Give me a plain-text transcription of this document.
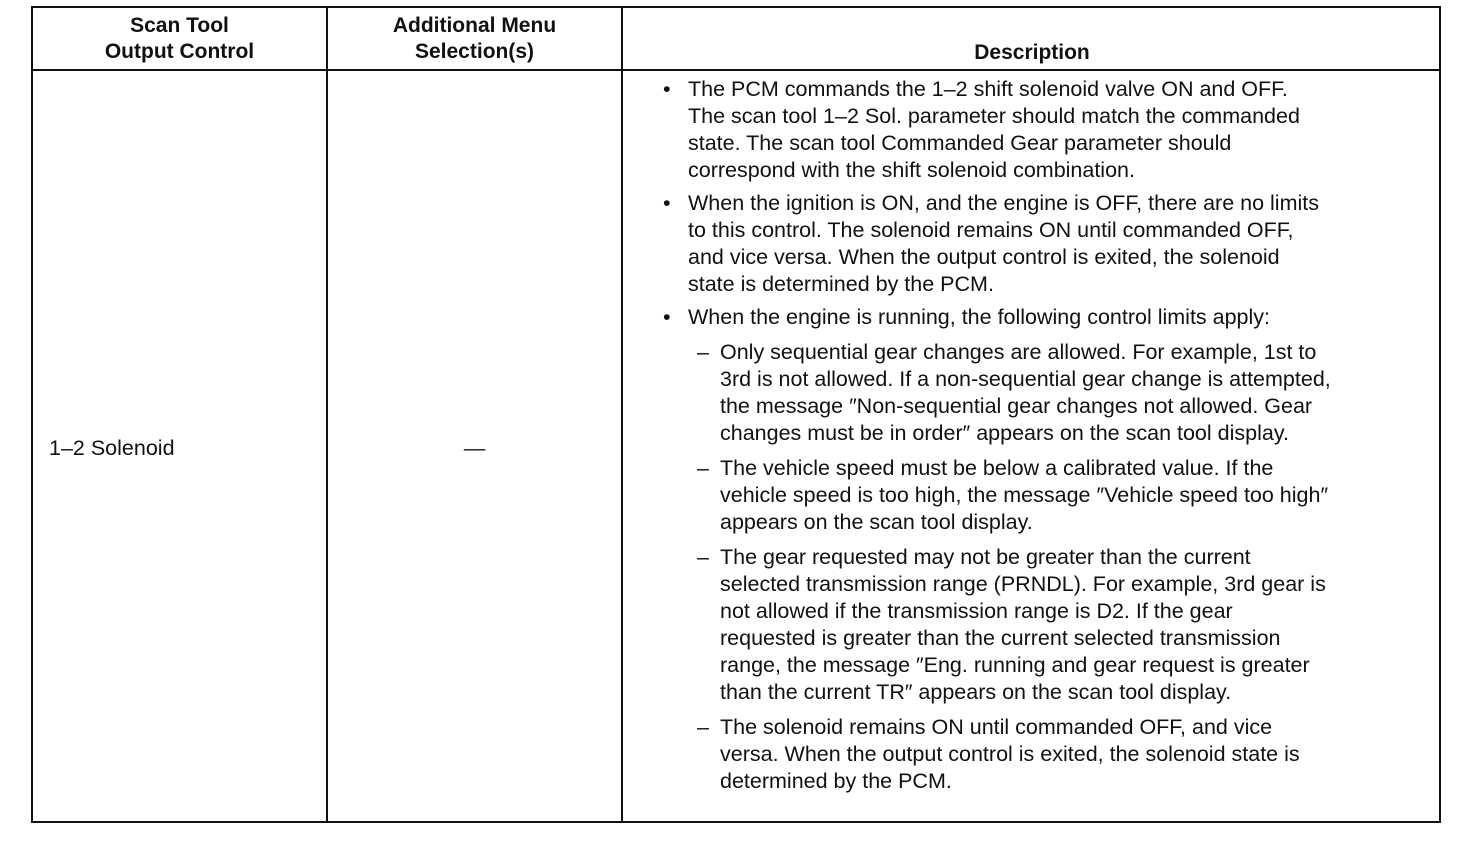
Scan Tool
Output Control
Additional Menu
Selection(s)	Description
1–2 Solenoid	—
• The PCM commands the 1–2 shift solenoid valve ON and OFF.
The scan tool 1–2 Sol. parameter should match the commanded
state. The scan tool Commanded Gear parameter should
correspond with the shift solenoid combination.
• When the ignition is ON, and the engine is OFF, there are no limits
to this control. The solenoid remains ON until commanded OFF,
and vice versa. When the output control is exited, the solenoid
state is determined by the PCM.
• When the engine is running, the following control limits apply:
– Only sequential gear changes are allowed. For example, 1st to
3rd is not allowed. If a non-sequential gear change is attempted,
the message ″Non-sequential gear changes not allowed. Gear
changes must be in order″ appears on the scan tool display.
– The vehicle speed must be below a calibrated value. If the
vehicle speed is too high, the message ″Vehicle speed too high″
appears on the scan tool display.
– The gear requested may not be greater than the current
selected transmission range (PRNDL). For example, 3rd gear is
not allowed if the transmission range is D2. If the gear
requested is greater than the current selected transmission
range, the message ″Eng. running and gear request is greater
than the current TR″ appears on the scan tool display.
– The solenoid remains ON until commanded OFF, and vice
versa. When the output control is exited, the solenoid state is
determined by the PCM.
